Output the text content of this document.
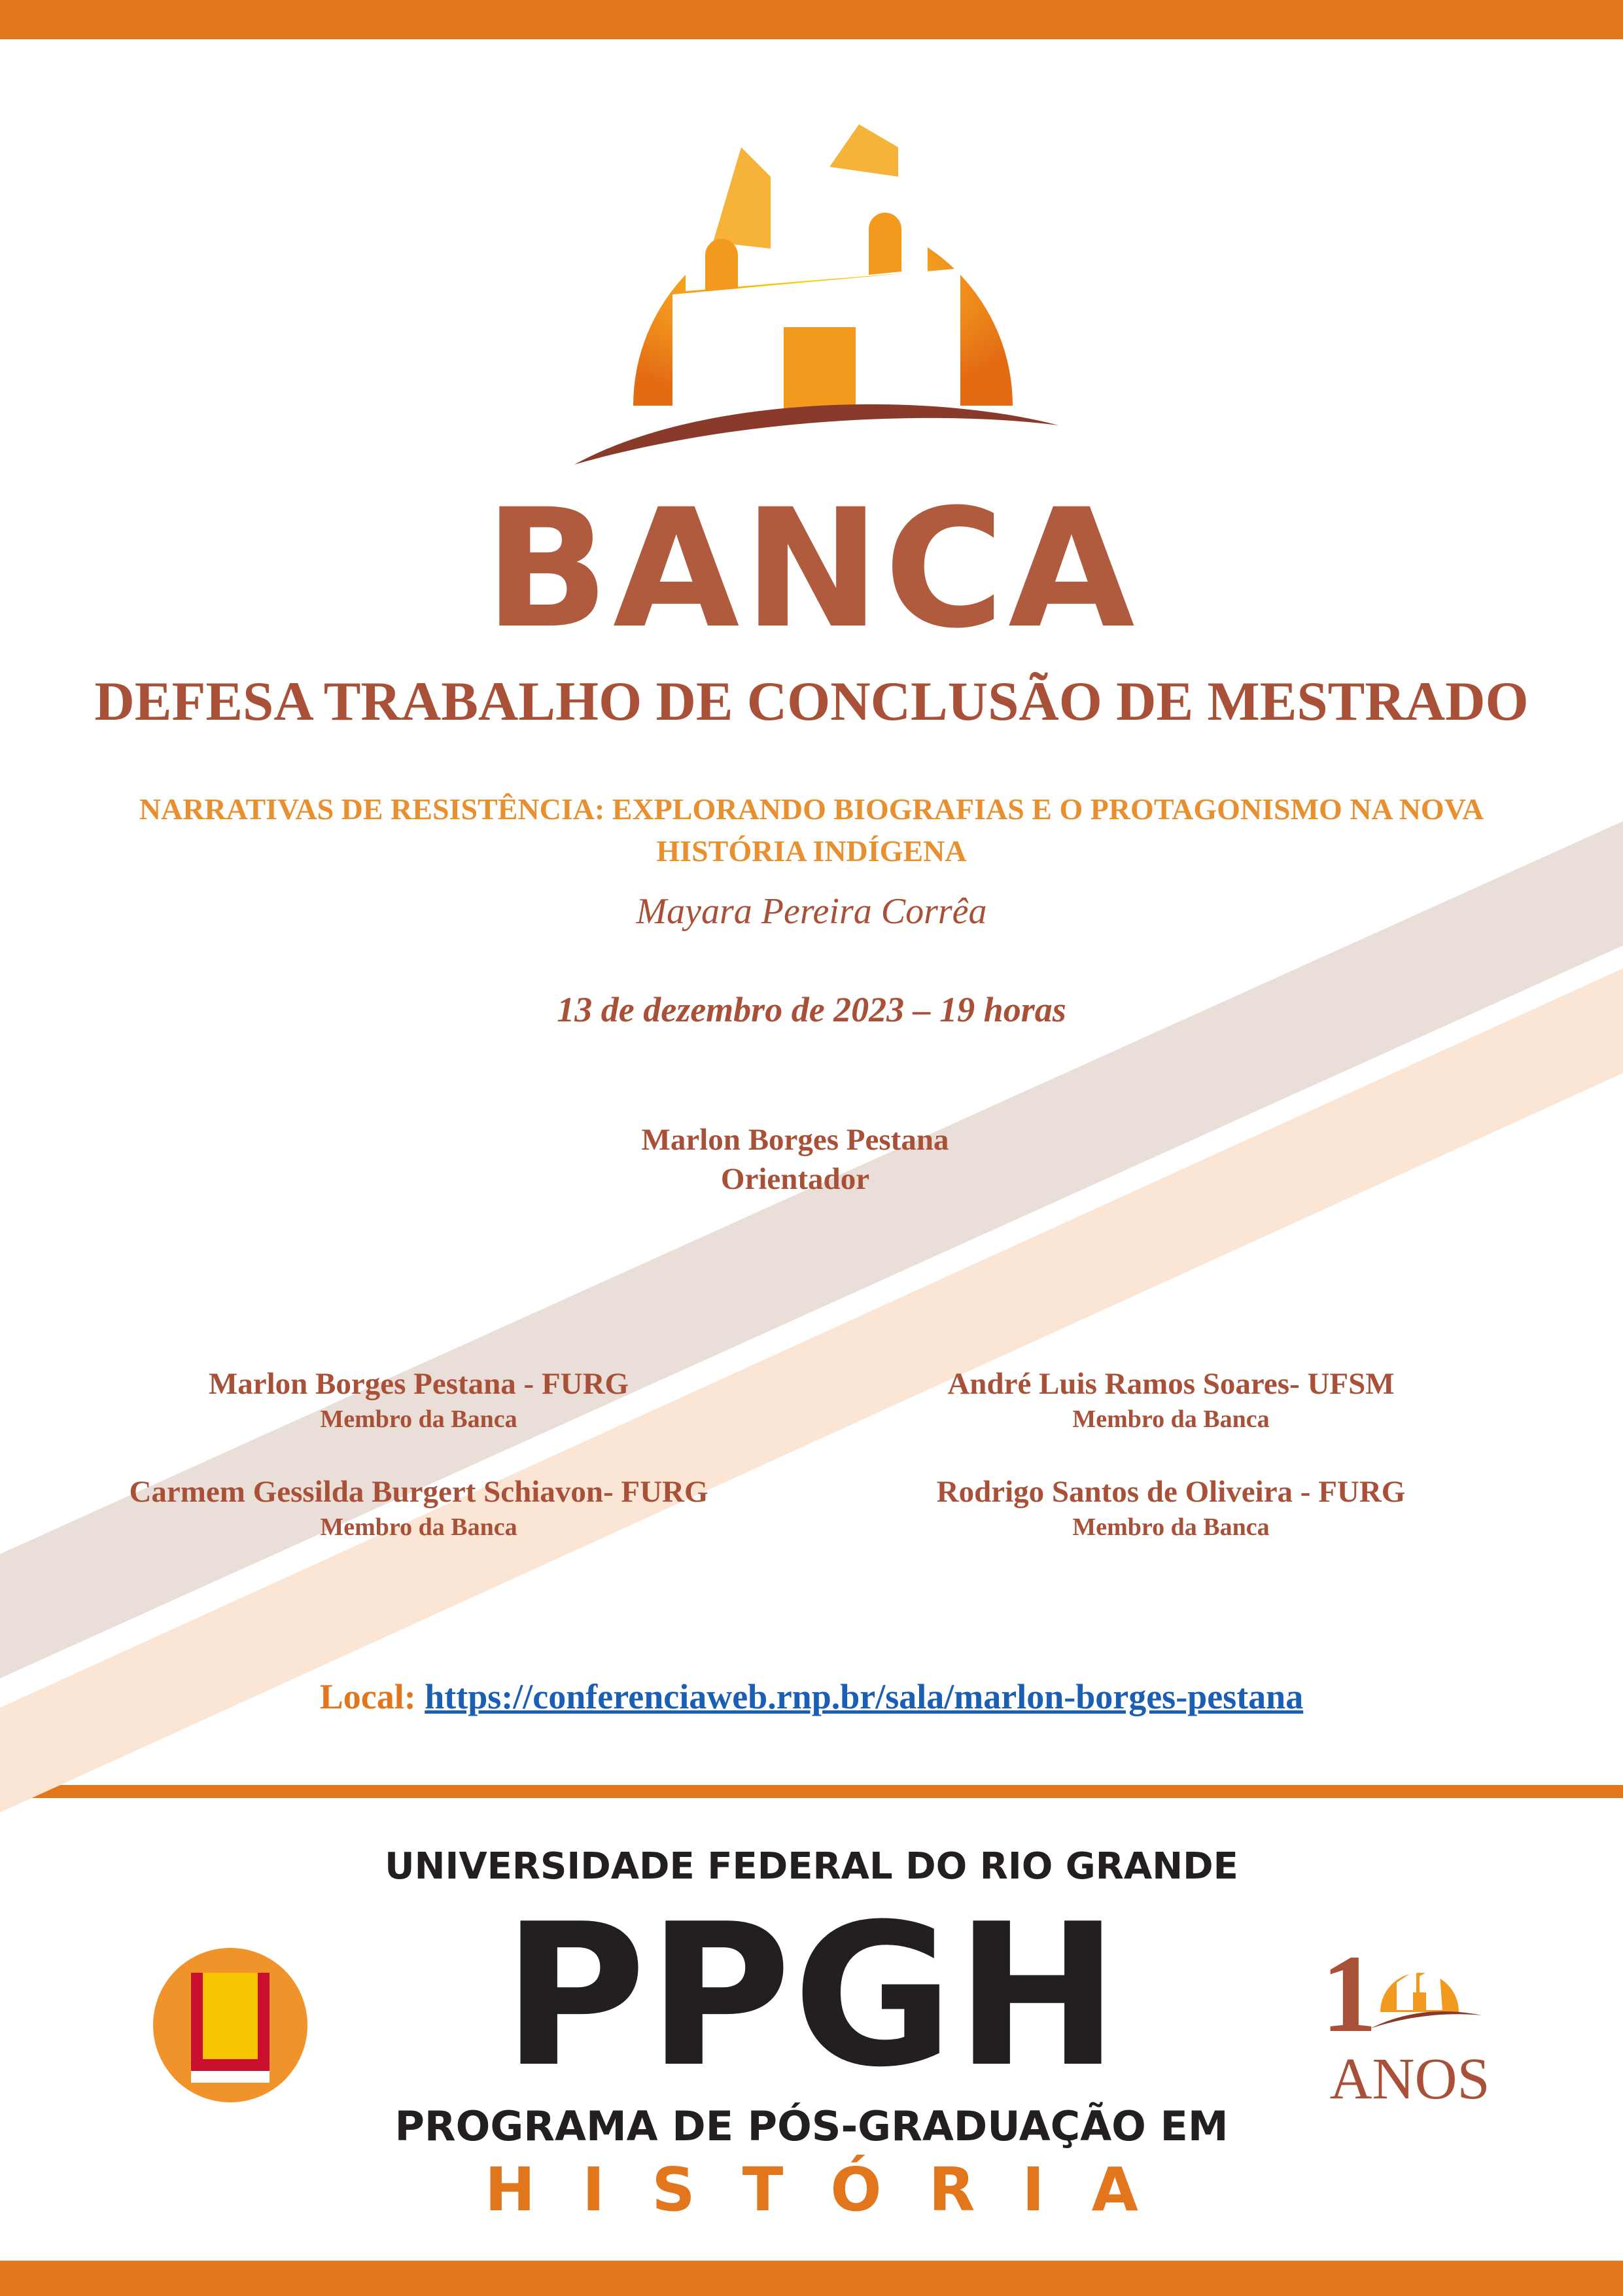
BANCA
DEFESA TRABALHO DE CONCLUSÃO DE MESTRADO
NARRATIVAS DE RESISTÊNCIA: EXPLORANDO BIOGRAFIAS E O PROTAGONISMO NA NOVA
HISTÓRIA INDÍGENA
Mayara Pereira Corrêa
13 de dezembro de 2023 – 19 horas
Marlon Borges Pestana
Orientador
Marlon Borges Pestana - FURG
Membro da Banca
André Luis Ramos Soares- UFSM
Membro da Banca
Carmem Gessilda Burgert Schiavon- FURG
Membro da Banca
Rodrigo Santos de Oliveira - FURG
Membro da Banca
Local: https://conferenciaweb.rnp.br/sala/marlon-borges-pestana
UNIVERSIDADE FEDERAL DO RIO GRANDE
PPGH
PROGRAMA DE PÓS-GRADUAÇÃO EM
HISTÓRIA
1
ANOS
